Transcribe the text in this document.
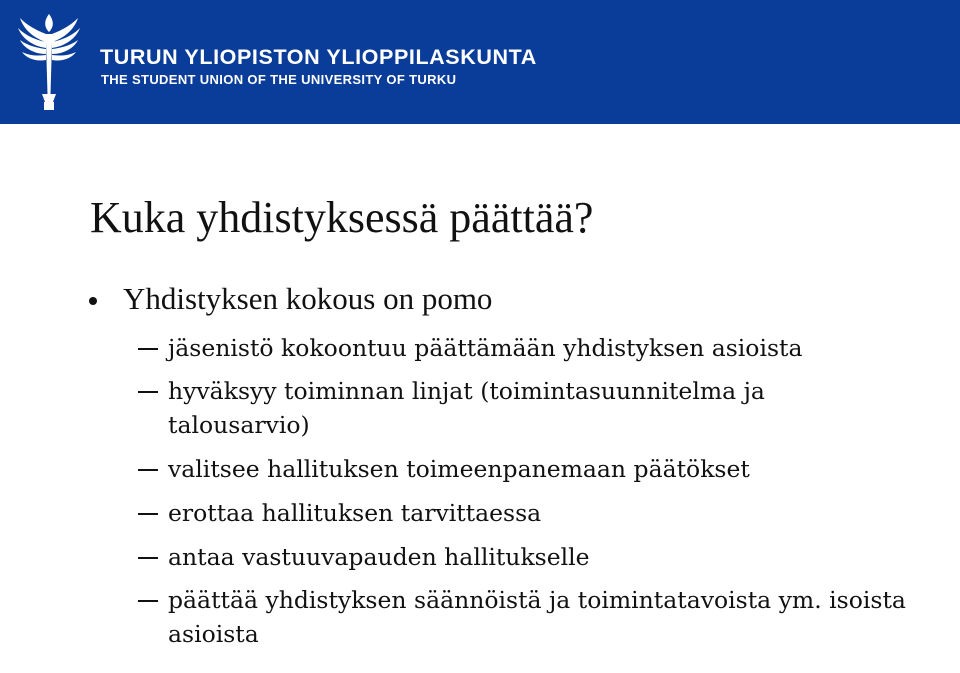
TURUN YLIOPISTON YLIOPPILASKUNTA
THE STUDENT UNION OF THE UNIVERSITY OF TURKU
Kuka yhdistyksessä päättää?
Yhdistyksen kokous on pomo
jäsenistö kokoontuu päättämään yhdistyksen asioista
hyväksyy toiminnan linjat (toimintasuunnitelma ja talousarvio)
valitsee hallituksen toimeenpanemaan päätökset
erottaa hallituksen tarvittaessa
antaa vastuuvapauden hallitukselle
päättää yhdistyksen säännöistä ja toimintatavoista ym. isoista asioista
